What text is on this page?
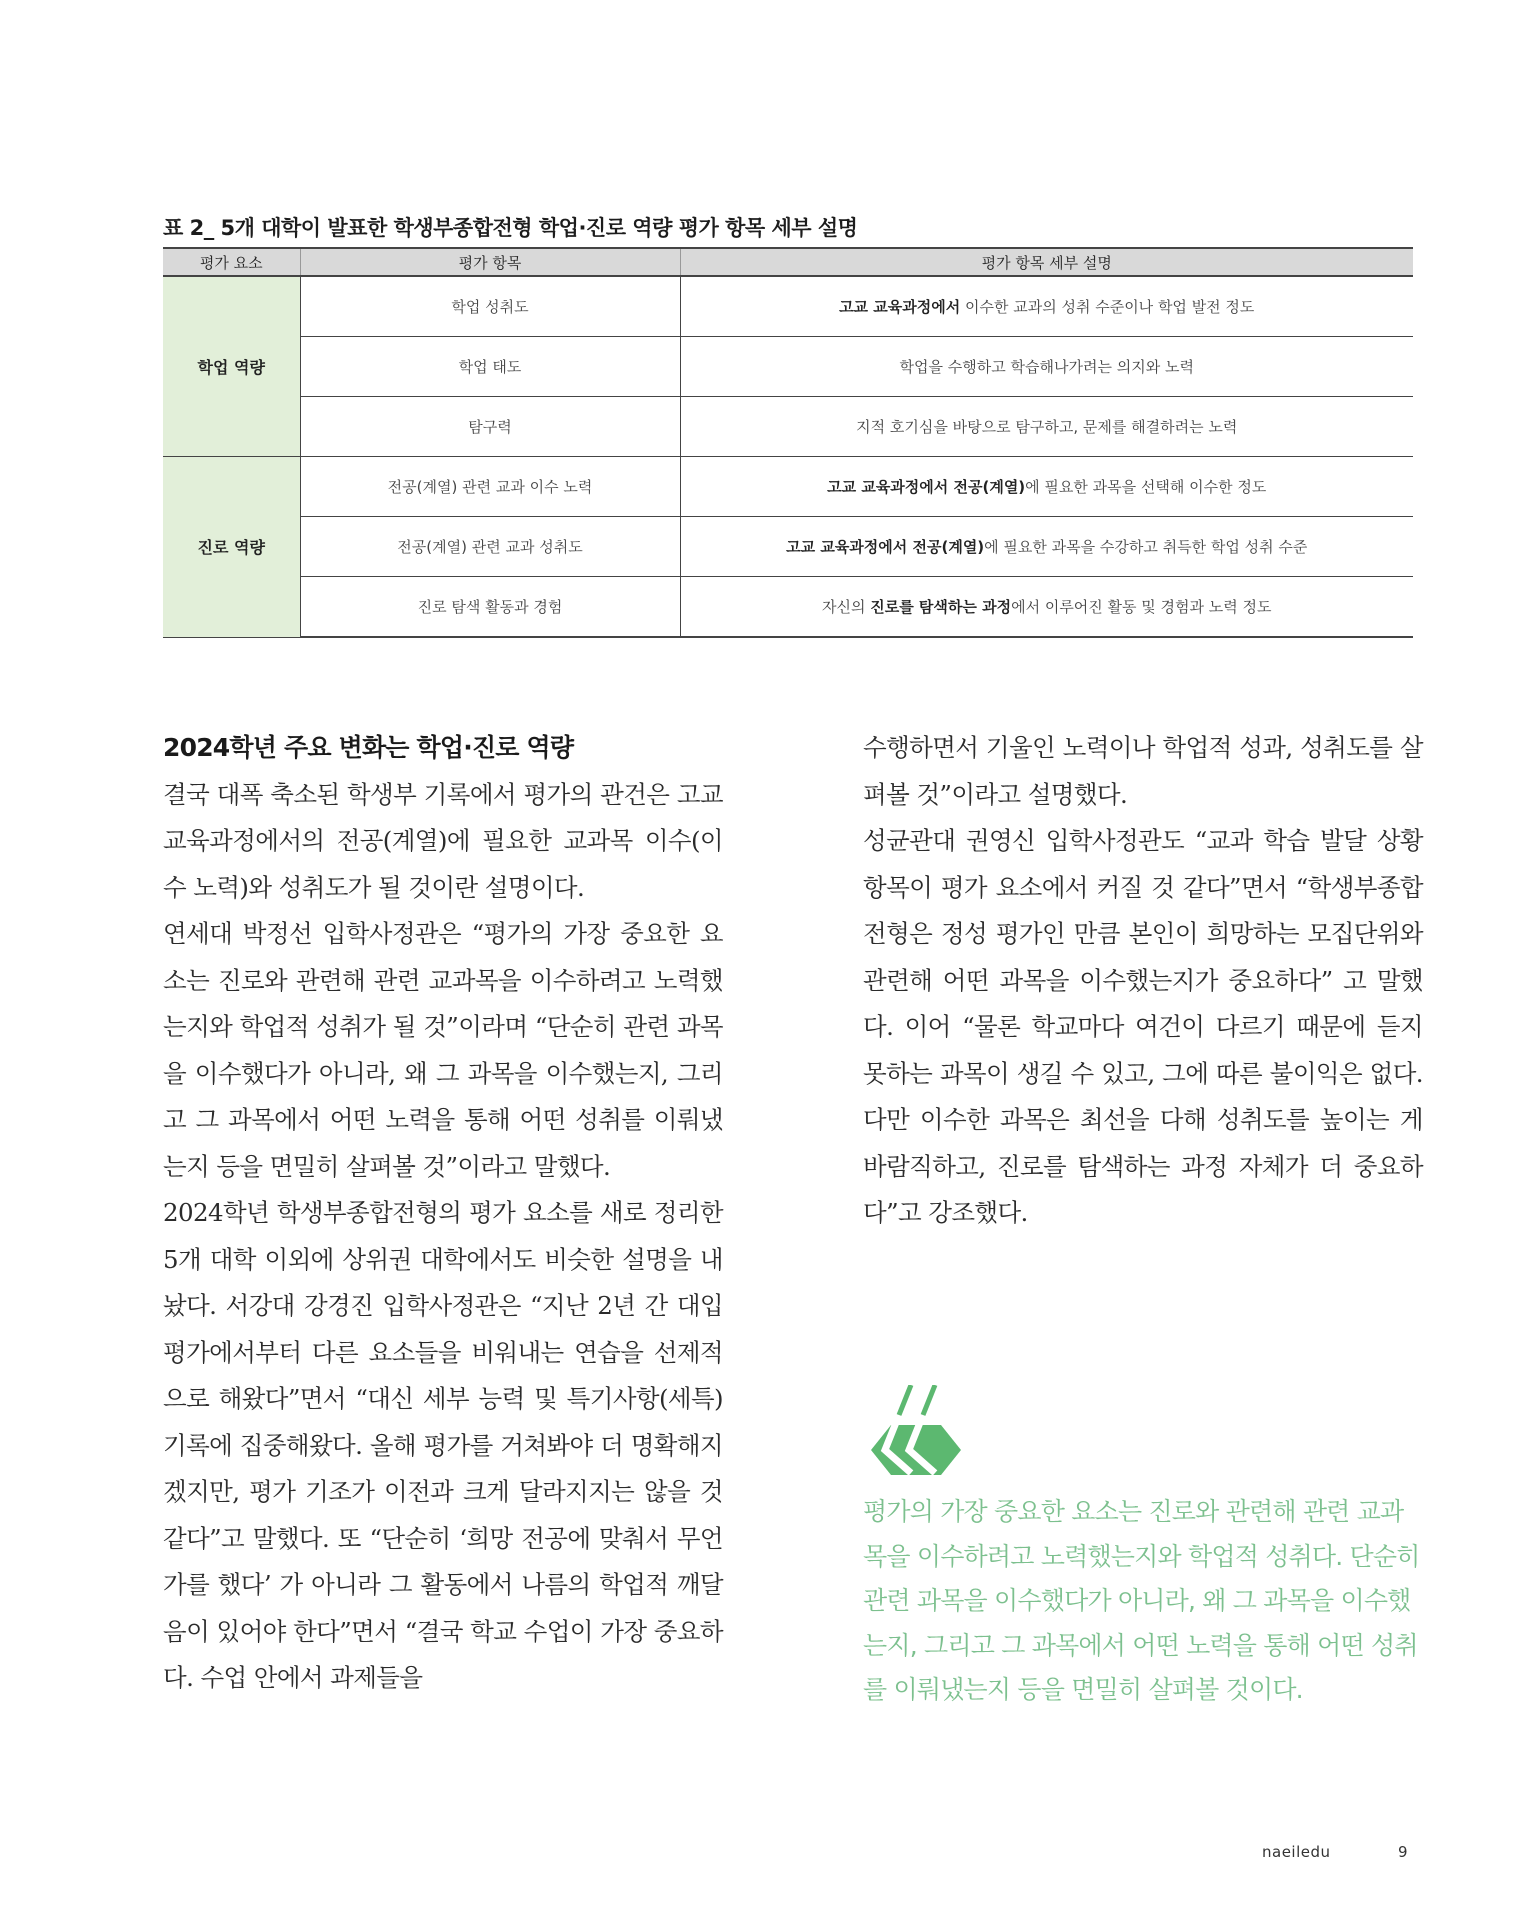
표 2_ 5개 대학이 발표한 학생부종합전형 학업·진로 역량 평가 항목 세부 설명
평가 요소	평가 항목	평가 항목 세부 설명
학업 역량	학업 성취도	고교 교육과정에서 이수한 교과의 성취 수준이나 학업 발전 정도
	학업 태도	학업을 수행하고 학습해나가려는 의지와 노력
	탐구력	지적 호기심을 바탕으로 탐구하고, 문제를 해결하려는 노력
진로 역량	전공(계열) 관련 교과 이수 노력	고교 교육과정에서 전공(계열)에 필요한 과목을 선택해 이수한 정도
	전공(계열) 관련 교과 성취도	고교 교육과정에서 전공(계열)에 필요한 과목을 수강하고 취득한 학업 성취 수준
	진로 탐색 활동과 경험	자신의 진로를 탐색하는 과정에서 이루어진 활동 및 경험과 노력 정도

2024학년 주요 변화는 학업·진로 역량

결국 대폭 축소된 학생부 기록에서 평가의 관건은 고교 교육과정에서의 전공(계열)에 필요한 교과목 이수(이수 노력)와 성취도가 될 것이란 설명이다.

연세대 박정선 입학사정관은 “평가의 가장 중요한 요소는 진로와 관련해 관련 교과목을 이수하려고 노력했는지와 학업적 성취가 될 것”이라며 “단순히 관련 과목을 이수했다가 아니라, 왜 그 과목을 이수했는지, 그리고 그 과목에서 어떤 노력을 통해 어떤 성취를 이뤄냈는지 등을 면밀히 살펴볼 것”이라고 말했다.

2024학년 학생부종합전형의 평가 요소를 새로 정리한 5개 대학 이외에 상위권 대학에서도 비슷한 설명을 내놨다. 서강대 강경진 입학사정관은 “지난 2년 간 대입 평가에서부터 다른 요소들을 비워내는 연습을 선제적으로 해왔다”면서 “대신 세부 능력 및 특기사항(세특) 기록에 집중해왔다. 올해 평가를 거쳐봐야 더 명확해지겠지만, 평가 기조가 이전과 크게 달라지지는 않을 것 같다”고 말했다. 또 “단순히 ‘희망 전공에 맞춰서 무언가를 했다’ 가 아니라 그 활동에서 나름의 학업적 깨달음이 있어야 한다”면서 “결국 학교 수업이 가장 중요하다. 수업 안에서 과제들을

수행하면서 기울인 노력이나 학업적 성과, 성취도를 살펴볼 것”이라고 설명했다.

성균관대 권영신 입학사정관도 “교과 학습 발달 상황 항목이 평가 요소에서 커질 것 같다”면서 “학생부종합전형은 정성 평가인 만큼 본인이 희망하는 모집단위와 관련해 어떤 과목을 이수했는지가 중요하다” 고 말했다. 이어 “물론 학교마다 여건이 다르기 때문에 듣지 못하는 과목이 생길 수 있고, 그에 따른 불이익은 없다. 다만 이수한 과목은 최선을 다해 성취도를 높이는 게 바람직하고, 진로를 탐색하는 과정 자체가 더 중요하다”고 강조했다.

평가의 가장 중요한 요소는 진로와 관련해 관련 교과목을 이수하려고 노력했는지와 학업적 성취다. 단순히 관련 과목을 이수했다가 아니라, 왜 그 과목을 이수했는지, 그리고 그 과목에서 어떤 노력을 통해 어떤 성취를 이뤄냈는지 등을 면밀히 살펴볼 것이다.
naeiledu	9
